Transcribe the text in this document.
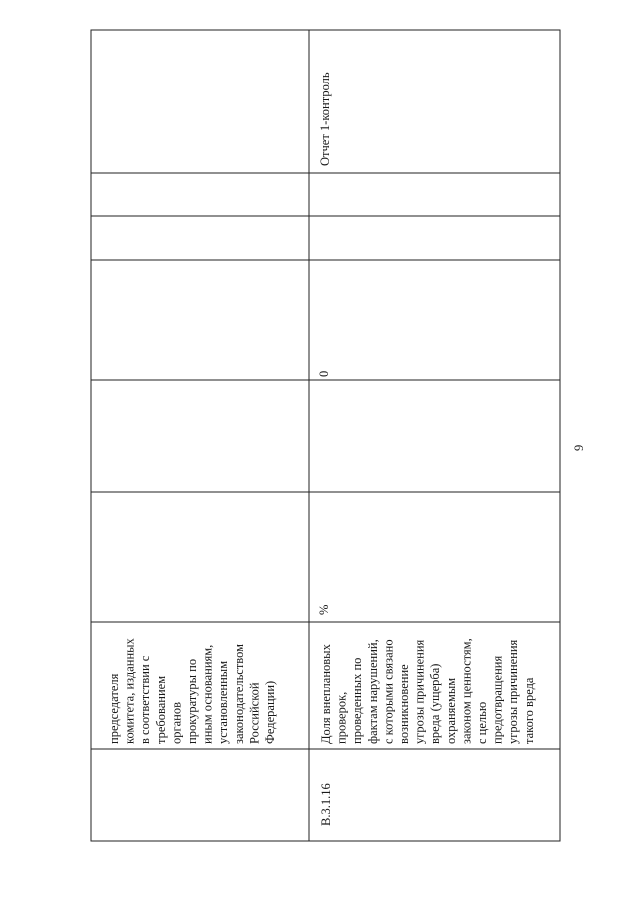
Отчет 1-контроль
председателя комитета, изданных в соответствии с требованием органов прокуратуры по иным основаниям, установленным законодательством Российской Федерации)
B.3.1.16
Доля внеплановых проверок, проведенных по фактам нарушений, с которыми связано возникновение угрозы причинения вреда (ущерба) охраняемым законом ценностям, с целью предотвращения угрозы причинения такого вреда
%
0
9
